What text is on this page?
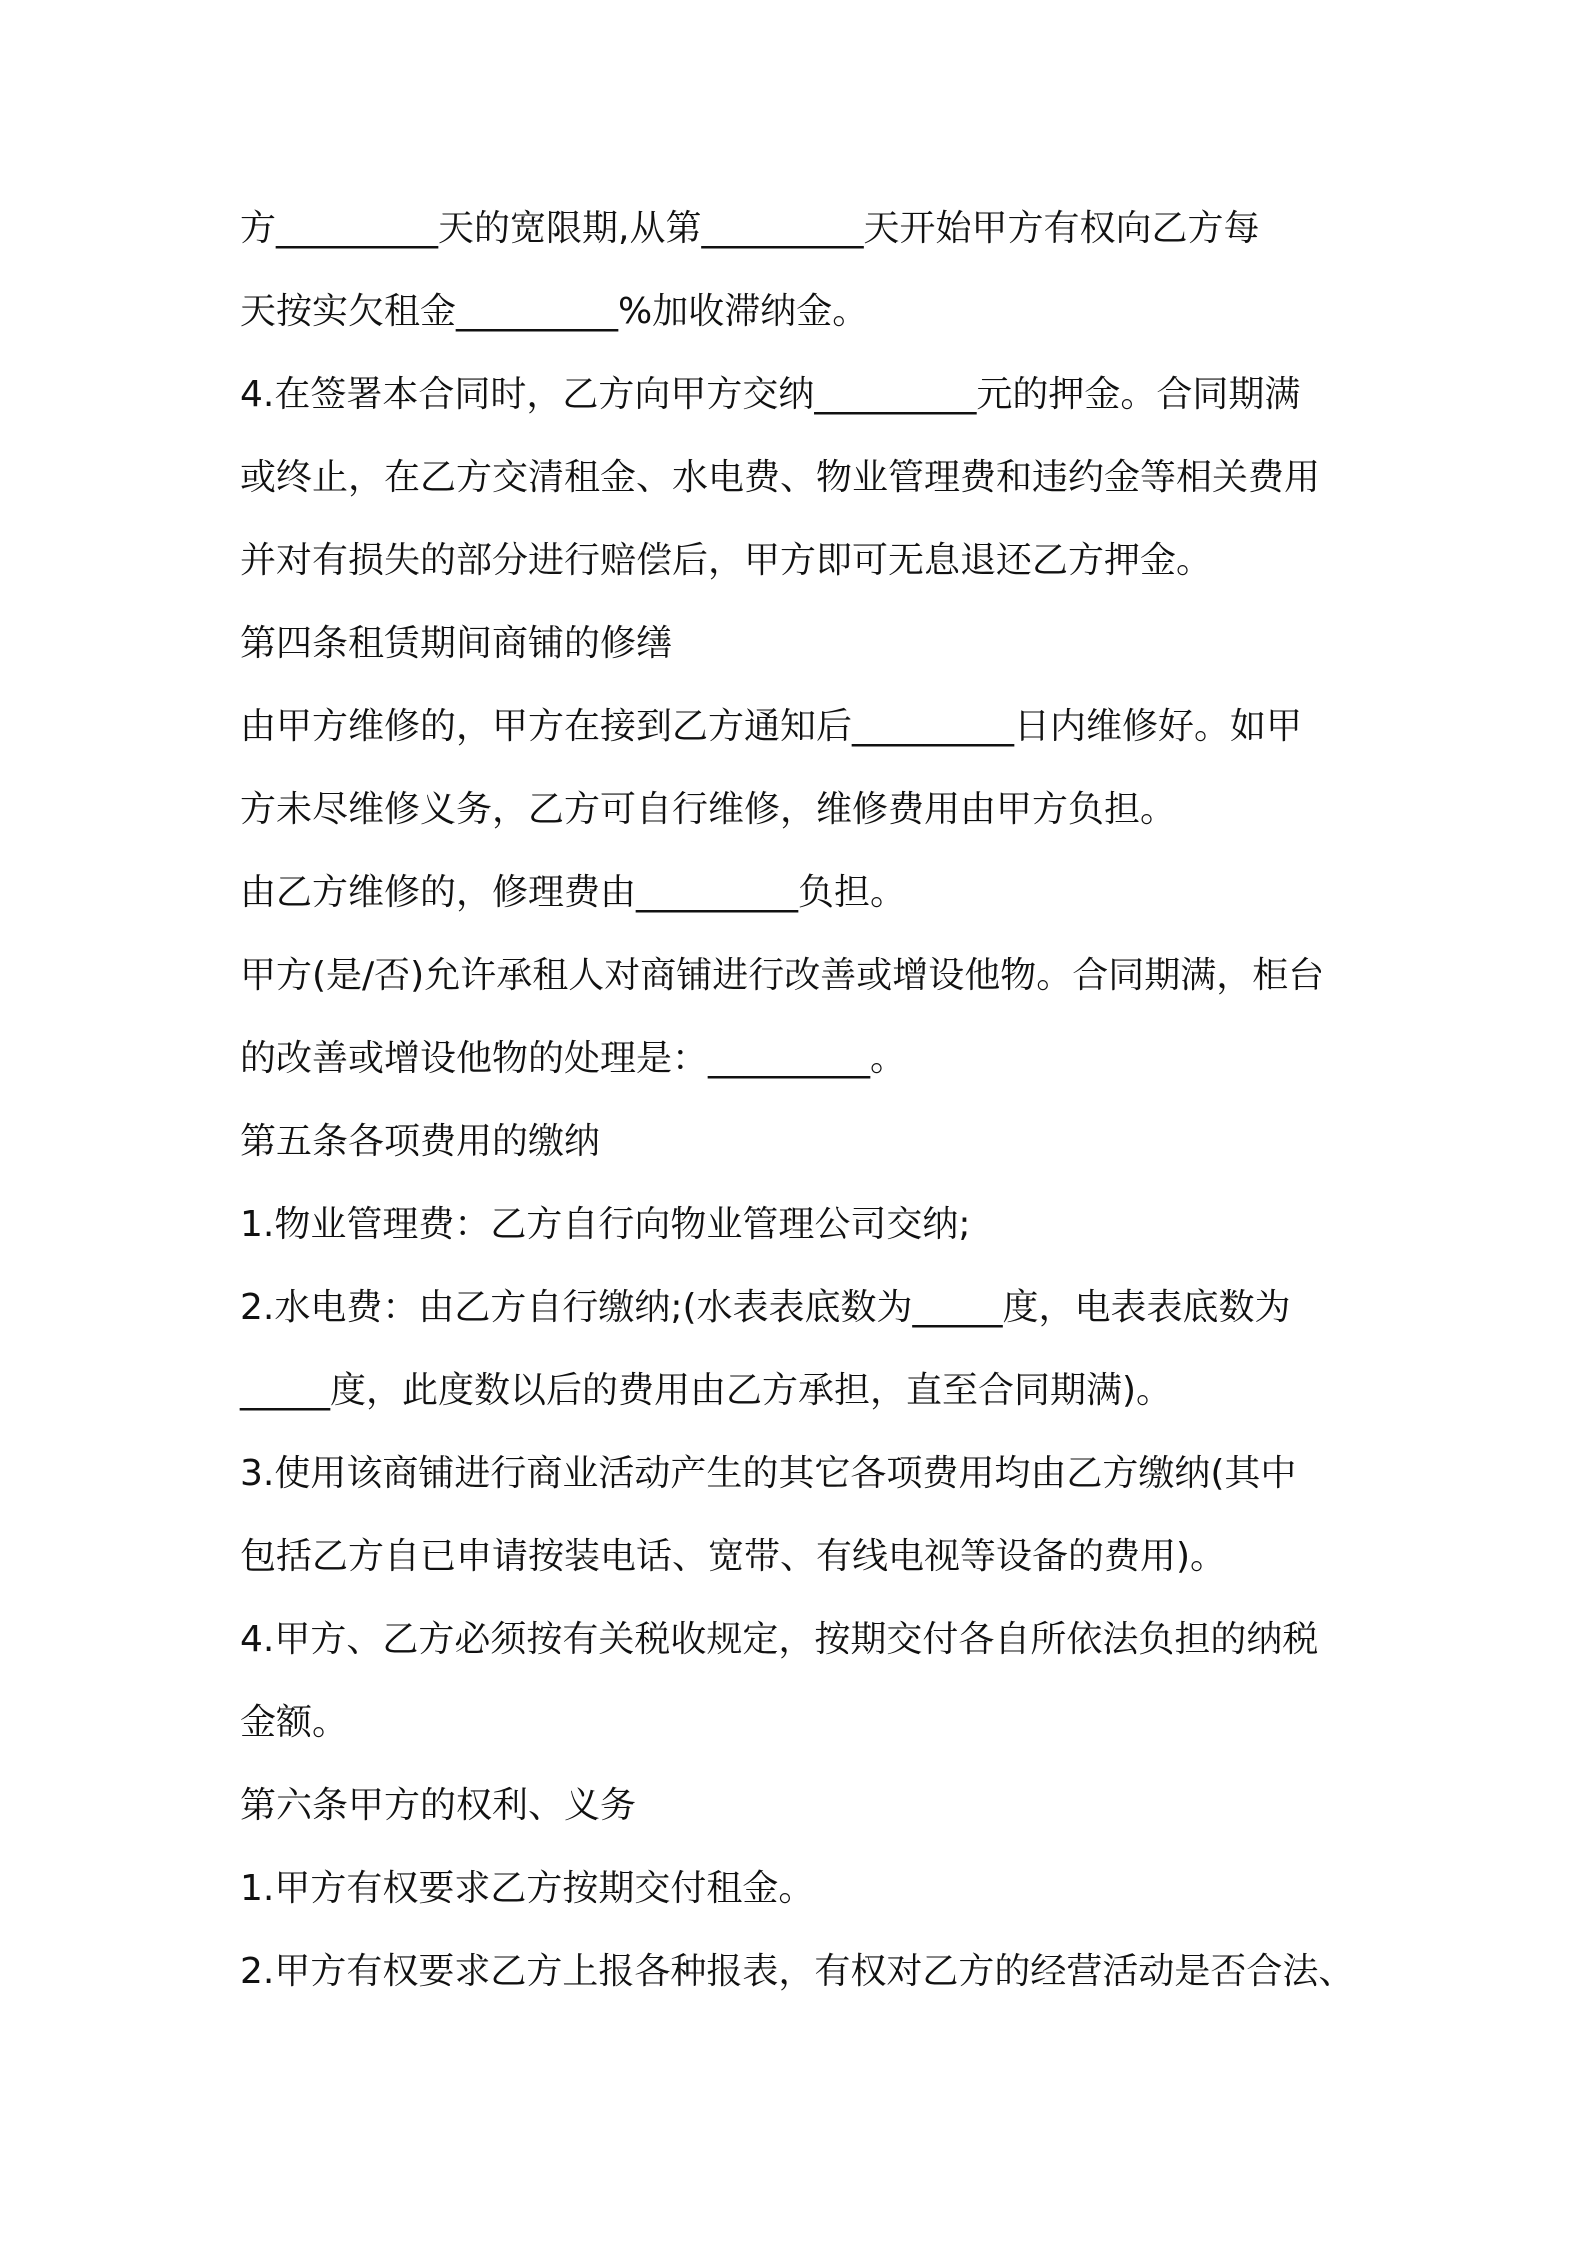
方_________天的宽限期,从第_________天开始甲方有权向乙方每
天按实欠租金_________%加收滞纳金。
4.在签署本合同时，乙方向甲方交纳_________元的押金。合同期满
或终止，在乙方交清租金、水电费、物业管理费和违约金等相关费用
并对有损失的部分进行赔偿后，甲方即可无息退还乙方押金。
第四条租赁期间商铺的修缮
由甲方维修的，甲方在接到乙方通知后_________日内维修好。如甲
方未尽维修义务，乙方可自行维修，维修费用由甲方负担。
由乙方维修的，修理费由_________负担。
甲方(是/否)允许承租人对商铺进行改善或增设他物。合同期满，柜台
的改善或增设他物的处理是：_________。
第五条各项费用的缴纳
1.物业管理费：乙方自行向物业管理公司交纳;
2.水电费：由乙方自行缴纳;(水表表底数为_____度，电表表底数为
_____度，此度数以后的费用由乙方承担，直至合同期满)。
3.使用该商铺进行商业活动产生的其它各项费用均由乙方缴纳(其中
包括乙方自已申请按装电话、宽带、有线电视等设备的费用)。
4.甲方、乙方必须按有关税收规定，按期交付各自所依法负担的纳税
金额。
第六条甲方的权利、义务
1.甲方有权要求乙方按期交付租金。
2.甲方有权要求乙方上报各种报表，有权对乙方的经营活动是否合法、
